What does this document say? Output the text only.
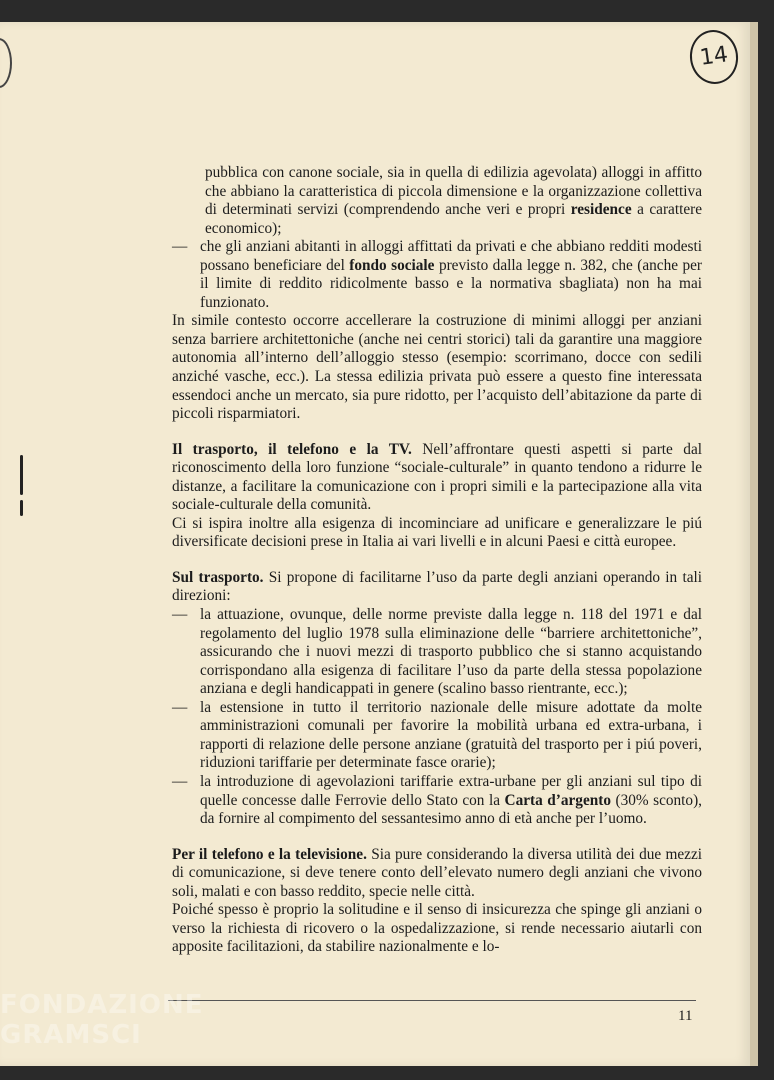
14

pubblica con canone sociale, sia in quella di edilizia agevolata) alloggi in affitto che abbiano la caratteristica di piccola dimensione e la organizzazione collettiva di determinati servizi (comprendendo anche veri e propri residence a carattere economico);

— che gli anziani abitanti in alloggi affittati da privati e che abbiano redditi modesti possano beneficiare del fondo sociale previsto dalla legge n. 382, che (anche per il limite di reddito ridicolmente basso e la normativa sbagliata) non ha mai funzionato.

In simile contesto occorre accellerare la costruzione di minimi alloggi per anziani senza barriere architettoniche (anche nei centri storici) tali da garantire una maggiore autonomia all’interno dell’alloggio stesso (esempio: scorrimano, docce con sedili anziché vasche, ecc.). La stessa edilizia privata può essere a questo fine interessata essendoci anche un mercato, sia pure ridotto, per l’acquisto dell’abitazione da parte di piccoli risparmiatori.

Il trasporto, il telefono e la TV. Nell’affrontare questi aspetti si parte dal riconoscimento della loro funzione “sociale-culturale” in quanto tendono a ridurre le distanze, a facilitare la comunicazione con i propri simili e la partecipazione alla vita sociale-culturale della comunità.

Ci si ispira inoltre alla esigenza di incominciare ad unificare e generalizzare le piú diversificate decisioni prese in Italia ai vari livelli e in alcuni Paesi e città europee.

Sul trasporto. Si propone di facilitarne l’uso da parte degli anziani operando in tali direzioni:

— la attuazione, ovunque, delle norme previste dalla legge n. 118 del 1971 e dal regolamento del luglio 1978 sulla eliminazione delle “barriere architettoniche”, assicurando che i nuovi mezzi di trasporto pubblico che si stanno acquistando corrispondano alla esigenza di facilitare l’uso da parte della stessa popolazione anziana e degli handicappati in genere (scalino basso rientrante, ecc.);

— la estensione in tutto il territorio nazionale delle misure adottate da molte amministrazioni comunali per favorire la mobilità urbana ed extra-urbana, i rapporti di relazione delle persone anziane (gratuità del trasporto per i piú poveri, riduzioni tariffarie per determinate fasce orarie);

— la introduzione di agevolazioni tariffarie extra-urbane per gli anziani sul tipo di quelle concesse dalle Ferrovie dello Stato con la Carta d’argento (30% sconto), da fornire al compimento del sessantesimo anno di età anche per l’uomo.

Per il telefono e la televisione. Sia pure considerando la diversa utilità dei due mezzi di comunicazione, si deve tenere conto dell’elevato numero degli anziani che vivono soli, malati e con basso reddito, specie nelle città.

Poiché spesso è proprio la solitudine e il senso di insicurezza che spinge gli anziani o verso la richiesta di ricovero o la ospedalizzazione, si rende necessario aiutarli con apposite facilitazioni, da stabilire nazionalmente e lo-

11
FONDAZIONE
GRAMSCI
